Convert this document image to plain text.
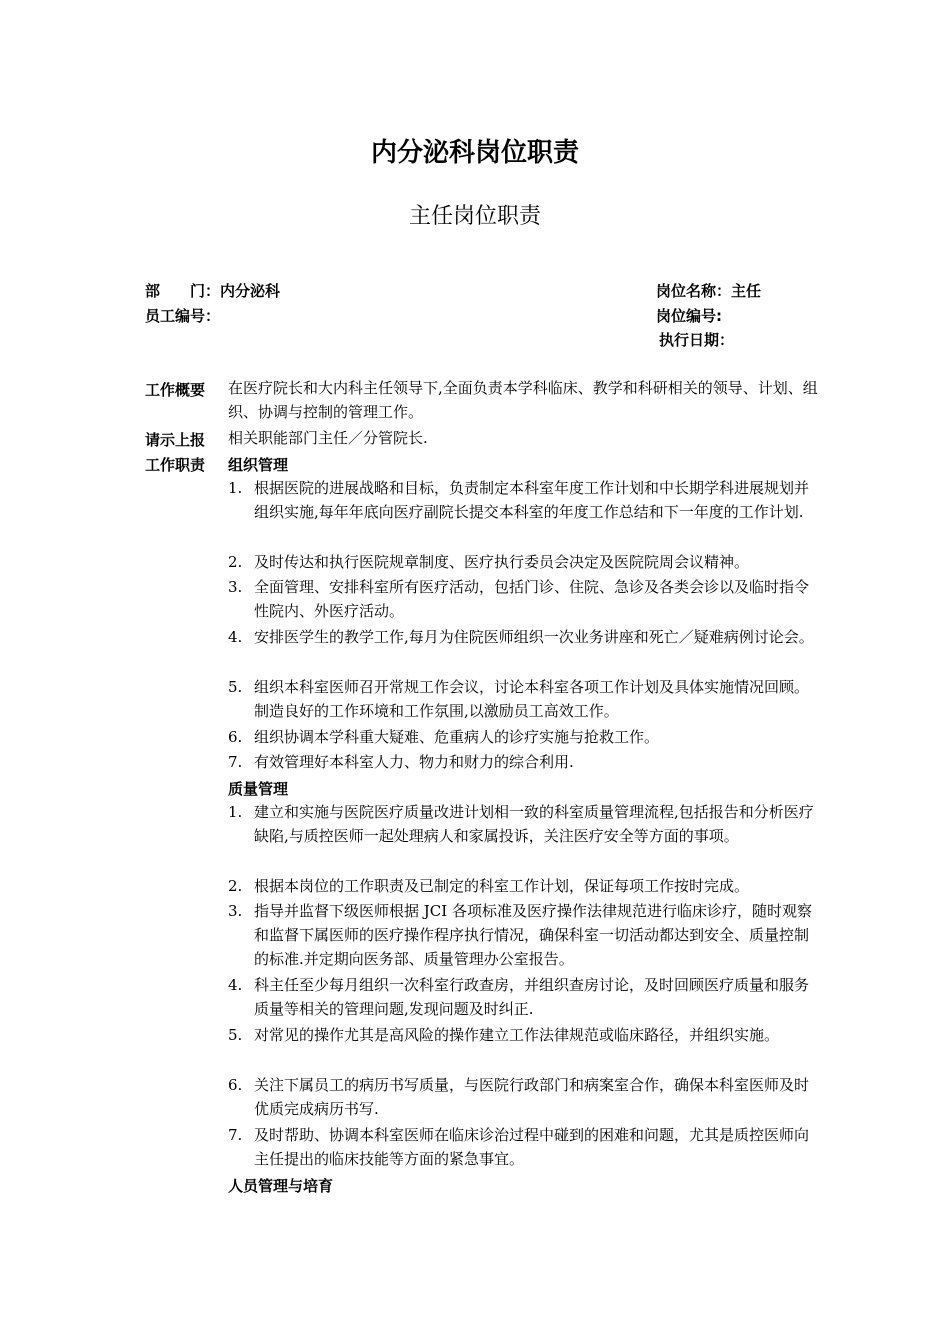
内分泌科岗位职责
主任岗位职责
部　　门：内分泌科	岗位名称：主任
员工编号：	岗位编号:
执行日期：
工作概要 在医疗院长和大内科主任领导下,全面负责本学科临床、教学和科研相关的领导、计划、组织、协调与控制的管理工作。
请示上报 相关职能部门主任／分管院长.
工作职责 组织管理
1. 根据医院的进展战略和目标，负责制定本科室年度工作计划和中长期学科进展规划并组织实施,每年年底向医疗副院长提交本科室的年度工作总结和下一年度的工作计划.
2. 及时传达和执行医院规章制度、医疗执行委员会决定及医院院周会议精神。
3. 全面管理、安排科室所有医疗活动，包括门诊、住院、急诊及各类会诊以及临时指令性院内、外医疗活动。
4. 安排医学生的教学工作,每月为住院医师组织一次业务讲座和死亡／疑难病例讨论会。
5. 组织本科室医师召开常规工作会议，讨论本科室各项工作计划及具体实施情况回顾。制造良好的工作环境和工作氛围,以激励员工高效工作。
6. 组织协调本学科重大疑难、危重病人的诊疗实施与抢救工作。
7. 有效管理好本科室人力、物力和财力的综合利用.
质量管理
1. 建立和实施与医院医疗质量改进计划相一致的科室质量管理流程,包括报告和分析医疗缺陷,与质控医师一起处理病人和家属投诉，关注医疗安全等方面的事项。
2. 根据本岗位的工作职责及已制定的科室工作计划，保证每项工作按时完成。
3. 指导并监督下级医师根据 JCI 各项标准及医疗操作法律规范进行临床诊疗，随时观察和监督下属医师的医疗操作程序执行情况，确保科室一切活动都达到安全、质量控制的标准.并定期向医务部、质量管理办公室报告。
4. 科主任至少每月组织一次科室行政查房，并组织查房讨论，及时回顾医疗质量和服务质量等相关的管理问题,发现问题及时纠正.
5. 对常见的操作尤其是高风险的操作建立工作法律规范或临床路径，并组织实施。
6. 关注下属员工的病历书写质量，与医院行政部门和病案室合作，确保本科室医师及时优质完成病历书写.
7. 及时帮助、协调本科室医师在临床诊治过程中碰到的困难和问题，尤其是质控医师向主任提出的临床技能等方面的紧急事宜。
人员管理与培育
